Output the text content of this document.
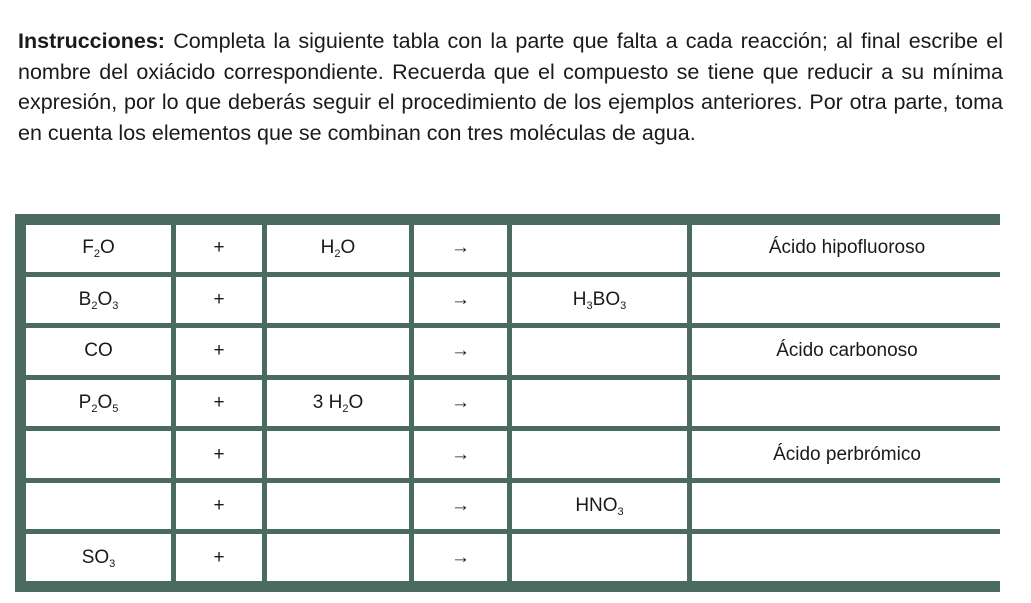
Instrucciones: Completa la siguiente tabla con la parte que falta a cada reacción; al final escribe el nombre del oxiácido correspondiente. Recuerda que el compuesto se tiene que reducir a su mínima expresión, por lo que deberás seguir el procedimiento de los ejemplos anteriores. Por otra parte, toma en cuenta los elementos que se combinan con tres moléculas de agua.
$F_2O$	+	$H_2O$	→		Ácido hipofluoroso
$B_2O_3$	+		→	$H_3BO_3$	
CO	+		→		Ácido carbonoso
$P_2O_5$	+	3 $H_2O$	→		
	+		→		Ácido perbrómico
	+		→	$HNO_3$	
$SO_3$	+		→		
